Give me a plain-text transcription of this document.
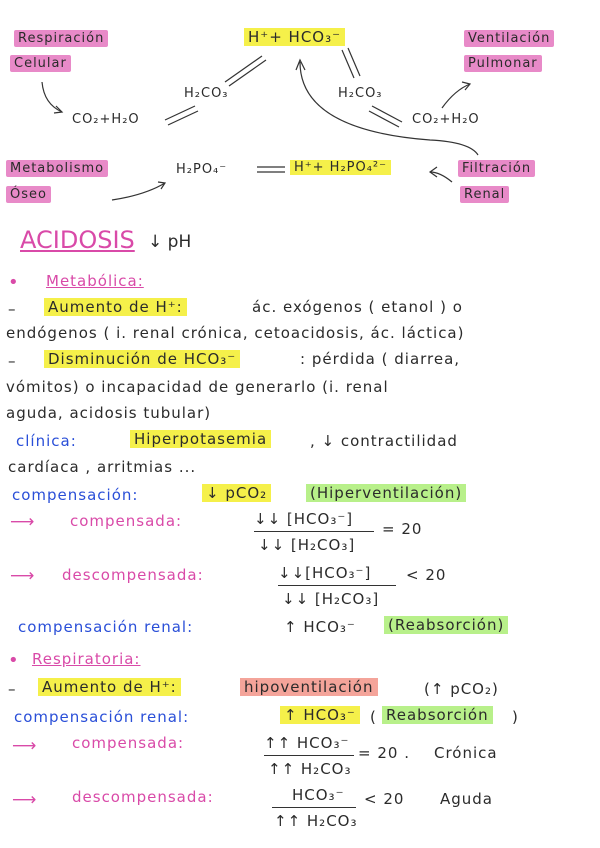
Respiración
Celular
H⁺+ HCO₃⁻	Ventilación
Pulmonar
H₂CO₃	H₂CO₃
CO₂+H₂O	CO₂+H₂O
Metabolismo
Óseo
H₂PO₄⁻	H⁺+ H₂PO₄²⁻	Filtración
Renal
ACIDOSIS ↓ pH
• Metabólica:
– Aumento de H⁺:	ác. exógenos ( etanol ) o
endógenos ( i. renal crónica, cetoacidosis, ác. láctica)
– Disminución de HCO₃⁻	: pérdida ( diarrea,
vómitos) o incapacidad de generarlo (i. renal
aguda, acidosis tubular)
clínica:	Hiperpotasemia	, ↓ contractilidad
cardíaca , arritmias ...
compensación:	↓ pCO₂	(Hiperventilación)
⟶ compensada:	↓↓ [HCO₃⁻]
↓↓ [H₂CO₃]
= 20
⟶ descompensada:	↓↓[HCO₃⁻]
↓↓ [H₂CO₃]
< 20
compensación renal:	↑ HCO₃⁻ (Reabsorción)
• Respiratoria:
– Aumento de H⁺:	hipoventilación	(↑ pCO₂)
compensación renal:	↑ HCO₃⁻ ( Reabsorción )
⟶ compensada:	↑↑ HCO₃⁻
↑↑ H₂CO₃
= 20 . Crónica
⟶ descompensada:	HCO₃⁻
↑↑ H₂CO₃
< 20 Aguda
